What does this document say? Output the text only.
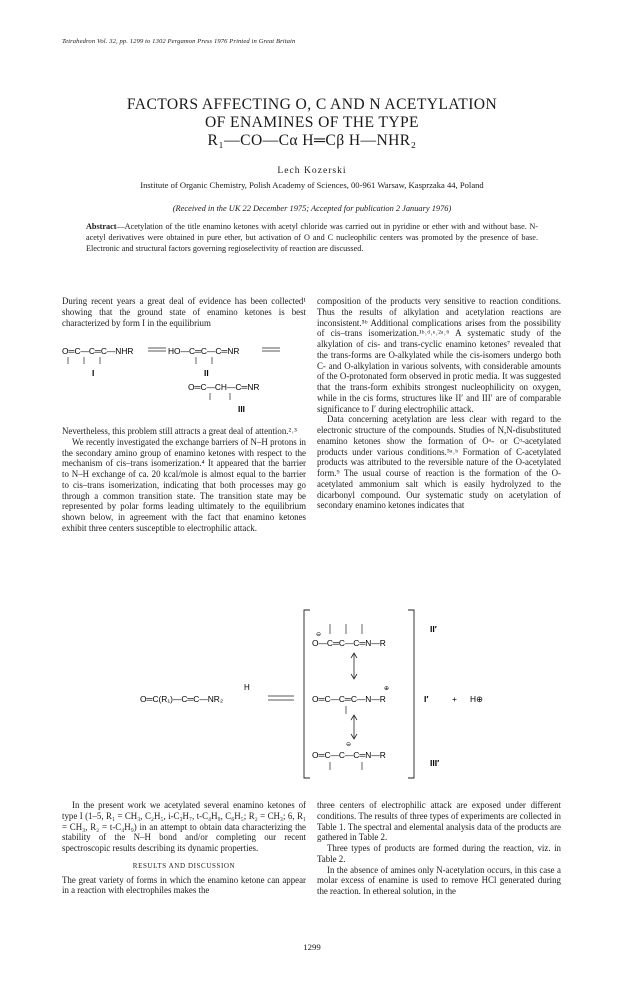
Tetrahedron Vol. 32, pp. 1299 to 1302 Pergamon Press 1976 Printed in Great Britain
FACTORS AFFECTING O, C AND N ACETYLATION
OF ENAMINES OF THE TYPE
R₁—CO—Cα H═Cβ H—NHR₂
Lech Kozerski
Institute of Organic Chemistry, Polish Academy of Sciences, 00-961 Warsaw, Kasprzaka 44, Poland
(Received in the UK 22 December 1975; Accepted for publication 2 January 1976)
Abstract—Acetylation of the title enamino ketones with acetyl chloride was carried out in pyridine or ether with and without base. N-acetyl derivatives were obtained in pure ether, but activation of O and C nucleophilic centers was promoted by the presence of base. Electronic and structural factors governing regioselectivity of reaction are discussed.

During recent years a great deal of evidence has been collected¹ showing that the ground state of enamino ketones is best characterized by form I in the equilibrium

O═C—C═C—NHR	HO—C═C—C═NR
I	II
O═C—CH—C═NR
III

Nevertheless, this problem still attracts a great deal of attention.²˒³

We recently investigated the exchange barriers of N–H protons in the secondary amino group of enamino ketones with respect to the mechanism of cis–trans isomerization.⁴ It appeared that the barrier to N–H exchange of ca. 20 kcal/mole is almost equal to the barrier to cis–trans isomerization, indicating that both processes may go through a common transition state. The transition state may be represented by polar forms leading ultimately to the equilibrium shown below, in agreement with the fact that enamino ketones exhibit three centers susceptible to electrophilic attack.

composition of the products very sensitive to reaction conditions. Thus the results of alkylation and acetylation reactions are inconsistent.⁵ᵇ Additional complications arises from the possibility of cis–trans isomerization.¹ᵇ˒ᵈ˒ᵉ˒²ᵃ˒⁶ A systematic study of the alkylation of cis- and trans-cyclic enamino ketones⁷ revealed that the trans-forms are O-alkylated while the cis-isomers undergo both C- and O-alkylation in various solvents, with considerable amounts of the O-protonated form observed in protic media. It was suggested that the trans-form exhibits strongest nucleophilicity on oxygen, while in the cis forms, structures like II′ and III′ are of comparable significance to I′ during electrophilic attack.

Data concerning acetylation are less clear with regard to the electronic structure of the compounds. Studies of N,N-disubstituted enamino ketones show the formation of Oᵃ- or Cᵅ-acetylated products under various conditions.⁵ᵃ˒ᵇ Formation of C-acetylated products was attributed to the reversible nature of the O-acetylated form.⁹ The usual course of reaction is the formation of the O-acetylated ammonium salt which is easily hydrolyzed to the dicarbonyl compound. Our systematic study on acetylation of secondary enamino ketones indicates that

O—C═C—C═N—R
⊖
II′
O═C(R₁)—C═C—NR₂
H
O═C—C═C—N—R
⊕
I′	+ H⊕
O═C—C—C═N—R
⊖
III′

In the present work we acetylated several enamino ketones of type I (1–5, R₁ = CH₃, C₂H₅, i-C₃H₇, t-C₄H₉, C₆H₅; R₂ = CH₃; 6, R₁ = CH₃, R₂ = t-C₄H₉) in an attempt to obtain data characterizing the stability of the N–H bond and/or completing our recent spectroscopic results describing its dynamic properties.

RESULTS AND DISCUSSION

The great variety of forms in which the enamino ketone can appear in a reaction with electrophiles makes the

three centers of electrophilic attack are exposed under different conditions. The results of three types of experiments are collected in Table 1. The spectral and elemental analysis data of the products are gathered in Table 2.

Three types of products are formed during the reaction, viz. in Table 2.

In the absence of amines only N-acetylation occurs, in this case a molar excess of enamine is used to remove HCl generated during the reaction. In ethereal solution, in the

1299
